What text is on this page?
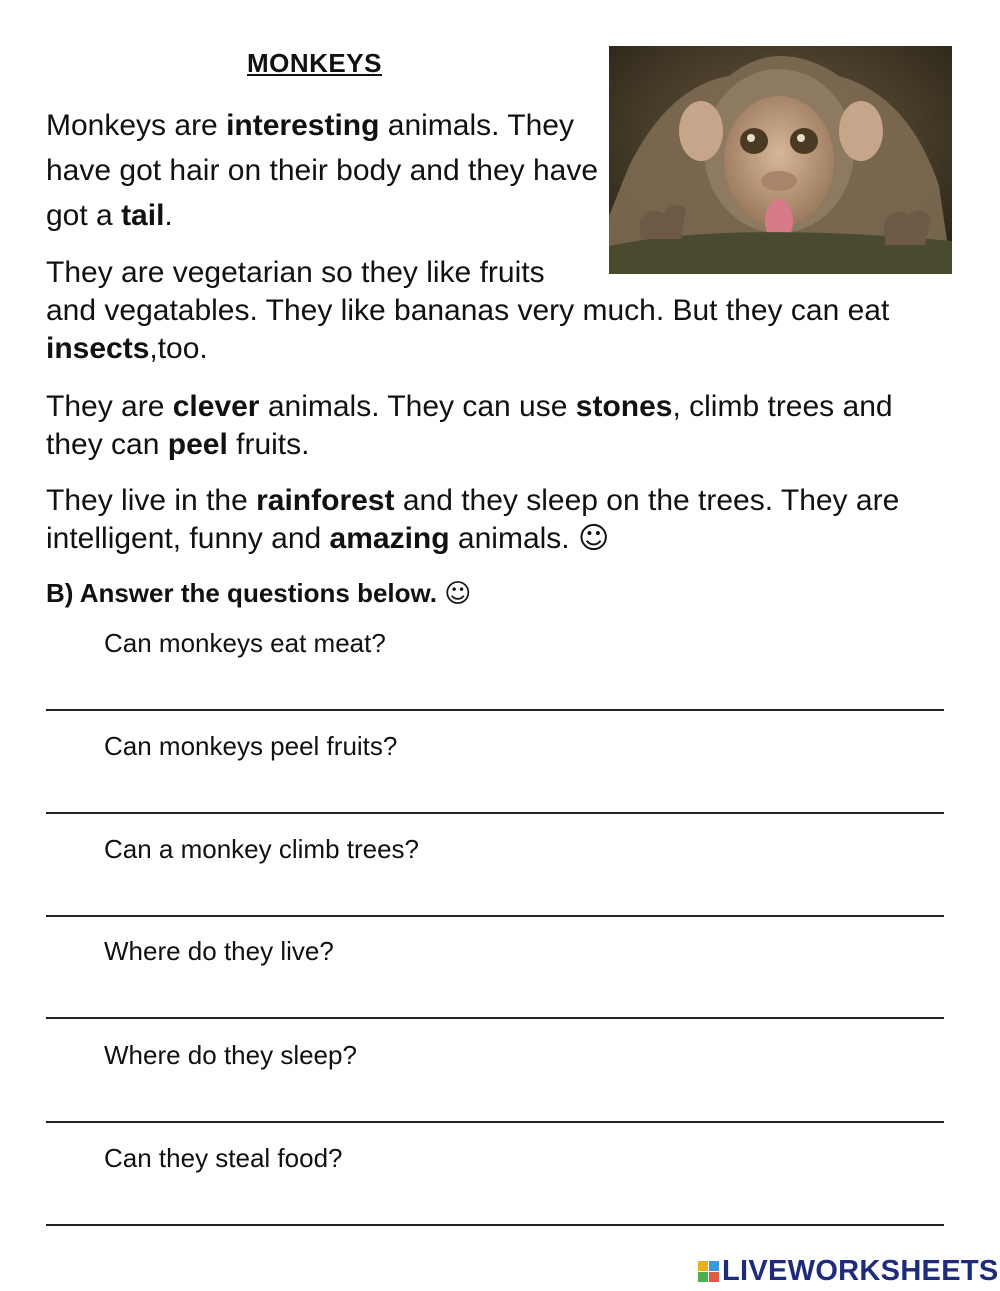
MONKEYS

Monkeys are interesting animals. They have got hair on their body and they have got a tail.

They are vegetarian so they like fruits
and vegatables. They like bananas very much. But they can eat insects,too.

They are clever animals. They can use stones, climb trees and they can peel fruits.

They live in the rainforest and they sleep on the trees. They are intelligent, funny and amazing animals. ☺

B) Answer the questions below. ☺

Can monkeys eat meat?

Can monkeys peel fruits?

Can a monkey climb trees?

Where do they live?

Where do they sleep?

Can they steal food?

LIVEWORKSHEETS
